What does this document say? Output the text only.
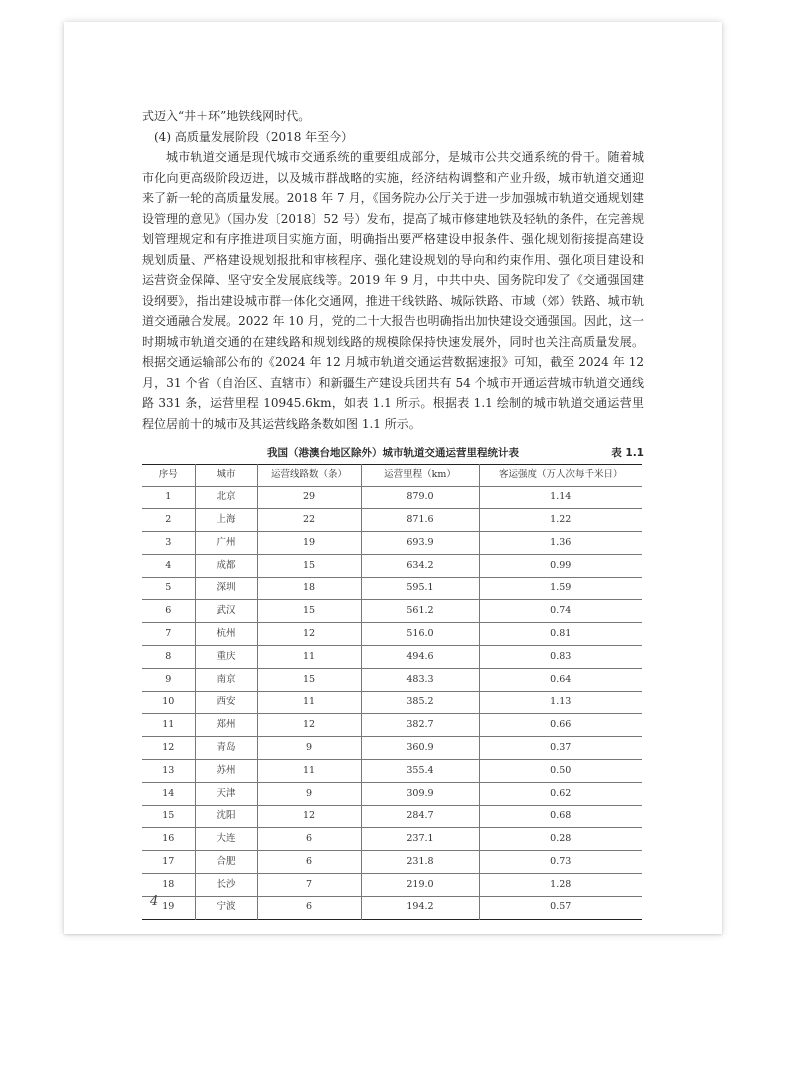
式迈入“井＋环”地铁线网时代。

(4) 高质量发展阶段（2018 年至今）

城市轨道交通是现代城市交通系统的重要组成部分，是城市公共交通系统的骨干。随着城市化向更高级阶段迈进，以及城市群战略的实施，经济结构调整和产业升级，城市轨道交通迎来了新一轮的高质量发展。2018 年 7 月，《国务院办公厅关于进一步加强城市轨道交通规划建设管理的意见》（国办发〔2018〕52 号）发布，提高了城市修建地铁及轻轨的条件，在完善规划管理规定和有序推进项目实施方面，明确指出要严格建设申报条件、强化规划衔接提高建设规划质量、严格建设规划报批和审核程序、强化建设规划的导向和约束作用、强化项目建设和运营资金保障、坚守安全发展底线等。2019 年 9 月，中共中央、国务院印发了《交通强国建设纲要》，指出建设城市群一体化交通网，推进干线铁路、城际铁路、市域（郊）铁路、城市轨道交通融合发展。2022 年 10 月，党的二十大报告也明确指出加快建设交通强国。因此，这一时期城市轨道交通的在建线路和规划线路的规模除保持快速发展外，同时也关注高质量发展。根据交通运输部公布的《2024 年 12 月城市轨道交通运营数据速报》可知，截至 2024 年 12 月，31 个省（自治区、直辖市）和新疆生产建设兵团共有 54 个城市开通运营城市轨道交通线路 331 条，运营里程 10945.6km，如表 1.1 所示。根据表 1.1 绘制的城市轨道交通运营里程位居前十的城市及其运营线路条数如图 1.1 所示。

我国（港澳台地区除外）城市轨道交通运营里程统计表	表 1.1
序号	城市	运营线路数（条）	运营里程（km）	客运强度（万人次每千米日）
1	北京	29	879.0	1.14
2	上海	22	871.6	1.22
3	广州	19	693.9	1.36
4	成都	15	634.2	0.99
5	深圳	18	595.1	1.59
6	武汉	15	561.2	0.74
7	杭州	12	516.0	0.81
8	重庆	11	494.6	0.83
9	南京	15	483.3	0.64
10	西安	11	385.2	1.13
11	郑州	12	382.7	0.66
12	青岛	9	360.9	0.37
13	苏州	11	355.4	0.50
14	天津	9	309.9	0.62
15	沈阳	12	284.7	0.68
16	大连	6	237.1	0.28
17	合肥	6	231.8	0.73
18	长沙	7	219.0	1.28
19	宁波	6	194.2	0.57
4
